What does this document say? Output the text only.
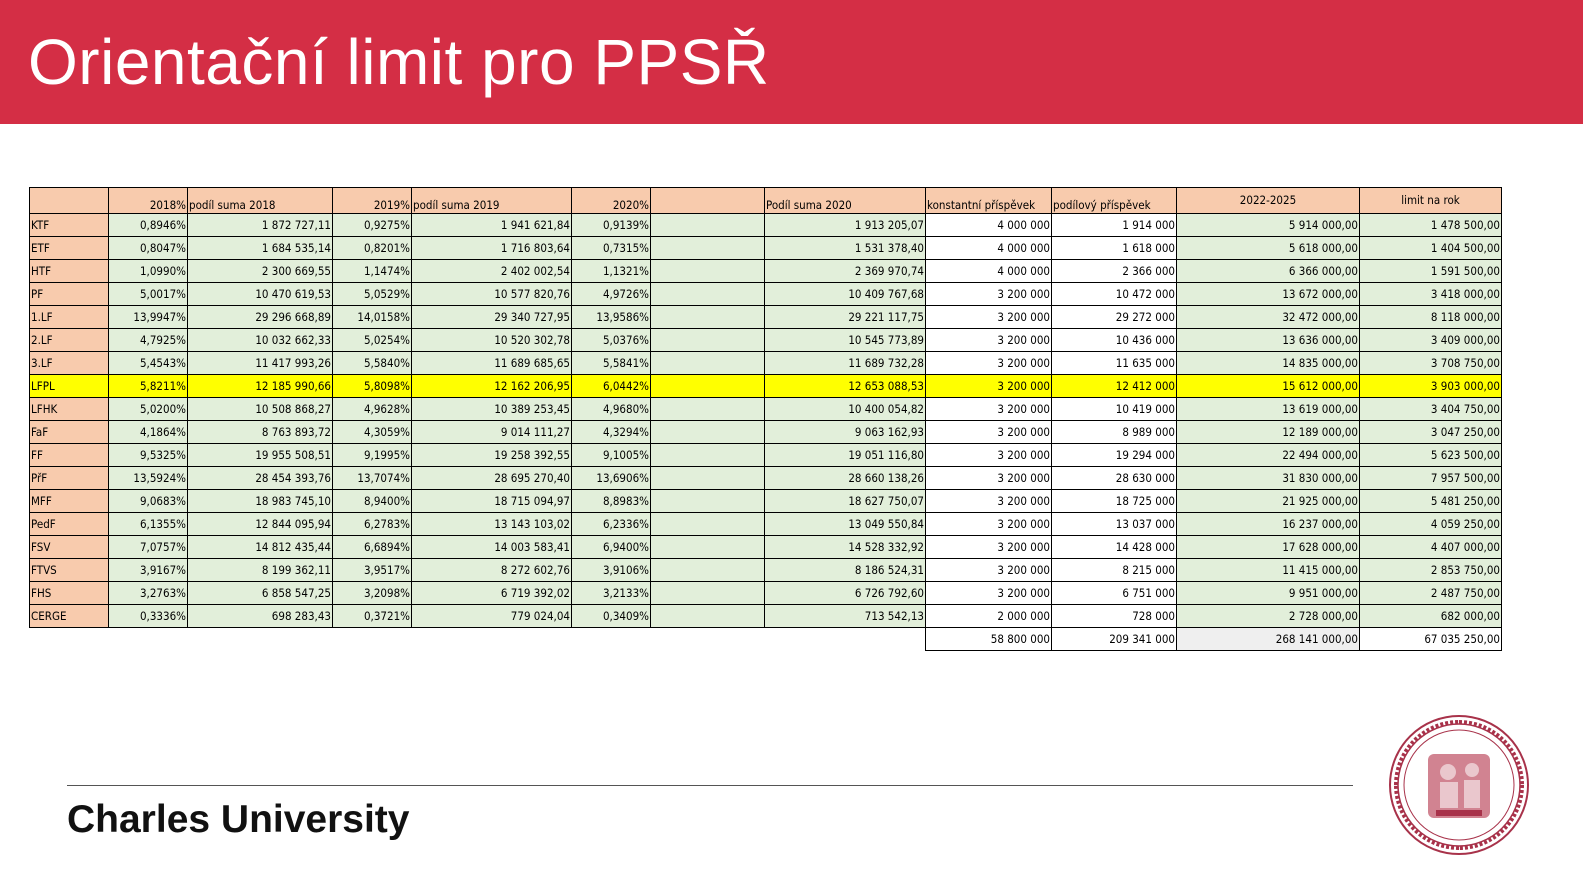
Orientační limit pro PPSŘ
	2018%	podíl suma 2018	2019%	podíl suma 2019	2020%		Podíl suma 2020	konstantní příspěvek	podílový příspěvek	2022-2025	limit na rok
KTF	0,8946%	1 872 727,11	0,9275%	1 941 621,84	0,9139%		1 913 205,07	4 000 000	1 914 000	5 914 000,00	1 478 500,00
ETF	0,8047%	1 684 535,14	0,8201%	1 716 803,64	0,7315%		1 531 378,40	4 000 000	1 618 000	5 618 000,00	1 404 500,00
HTF	1,0990%	2 300 669,55	1,1474%	2 402 002,54	1,1321%		2 369 970,74	4 000 000	2 366 000	6 366 000,00	1 591 500,00
PF	5,0017%	10 470 619,53	5,0529%	10 577 820,76	4,9726%		10 409 767,68	3 200 000	10 472 000	13 672 000,00	3 418 000,00
1.LF	13,9947%	29 296 668,89	14,0158%	29 340 727,95	13,9586%		29 221 117,75	3 200 000	29 272 000	32 472 000,00	8 118 000,00
2.LF	4,7925%	10 032 662,33	5,0254%	10 520 302,78	5,0376%		10 545 773,89	3 200 000	10 436 000	13 636 000,00	3 409 000,00
3.LF	5,4543%	11 417 993,26	5,5840%	11 689 685,65	5,5841%		11 689 732,28	3 200 000	11 635 000	14 835 000,00	3 708 750,00
LFPL	5,8211%	12 185 990,66	5,8098%	12 162 206,95	6,0442%		12 653 088,53	3 200 000	12 412 000	15 612 000,00	3 903 000,00
LFHK	5,0200%	10 508 868,27	4,9628%	10 389 253,45	4,9680%		10 400 054,82	3 200 000	10 419 000	13 619 000,00	3 404 750,00
FaF	4,1864%	8 763 893,72	4,3059%	9 014 111,27	4,3294%		9 063 162,93	3 200 000	8 989 000	12 189 000,00	3 047 250,00
FF	9,5325%	19 955 508,51	9,1995%	19 258 392,55	9,1005%		19 051 116,80	3 200 000	19 294 000	22 494 000,00	5 623 500,00
PřF	13,5924%	28 454 393,76	13,7074%	28 695 270,40	13,6906%		28 660 138,26	3 200 000	28 630 000	31 830 000,00	7 957 500,00
MFF	9,0683%	18 983 745,10	8,9400%	18 715 094,97	8,8983%		18 627 750,07	3 200 000	18 725 000	21 925 000,00	5 481 250,00
PedF	6,1355%	12 844 095,94	6,2783%	13 143 103,02	6,2336%		13 049 550,84	3 200 000	13 037 000	16 237 000,00	4 059 250,00
FSV	7,0757%	14 812 435,44	6,6894%	14 003 583,41	6,9400%		14 528 332,92	3 200 000	14 428 000	17 628 000,00	4 407 000,00
FTVS	3,9167%	8 199 362,11	3,9517%	8 272 602,76	3,9106%		8 186 524,31	3 200 000	8 215 000	11 415 000,00	2 853 750,00
FHS	3,2763%	6 858 547,25	3,2098%	6 719 392,02	3,2133%		6 726 792,60	3 200 000	6 751 000	9 951 000,00	2 487 750,00
CERGE	0,3336%	698 283,43	0,3721%	779 024,04	0,3409%		713 542,13	2 000 000	728 000	2 728 000,00	682 000,00
								58 800 000	209 341 000	268 141 000,00	67 035 250,00

Charles University
